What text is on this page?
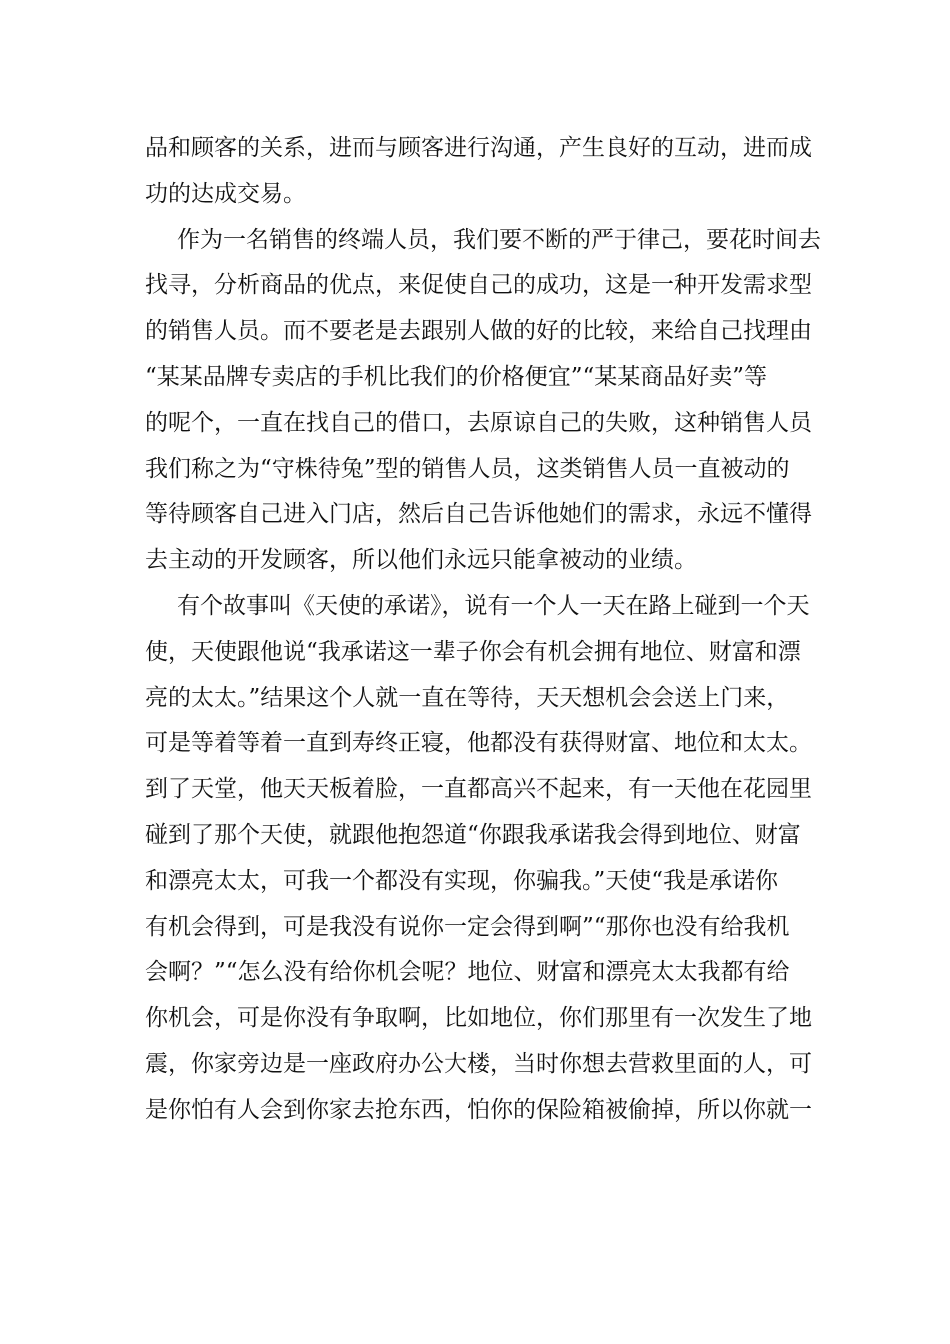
品和顾客的关系，进而与顾客进行沟通，产生良好的互动，进而成
功的达成交易。
作为一名销售的终端人员，我们要不断的严于律己，要花时间去
找寻，分析商品的优点，来促使自己的成功，这是一种开发需求型
的销售人员。而不要老是去跟别人做的好的比较，来给自己找理由
“某某品牌专卖店的手机比我们的价格便宜”“某某商品好卖”等
的呢个，一直在找自己的借口，去原谅自己的失败，这种销售人员
我们称之为“守株待兔”型的销售人员，这类销售人员一直被动的
等待顾客自己进入门店，然后自己告诉他她们的需求，永远不懂得
去主动的开发顾客，所以他们永远只能拿被动的业绩。
有个故事叫《天使的承诺》，说有一个人一天在路上碰到一个天
使，天使跟他说“我承诺这一辈子你会有机会拥有地位、财富和漂
亮的太太。”结果这个人就一直在等待，天天想机会会送上门来，
可是等着等着一直到寿终正寝，他都没有获得财富、地位和太太。
到了天堂，他天天板着脸，一直都高兴不起来，有一天他在花园里
碰到了那个天使，就跟他抱怨道“你跟我承诺我会得到地位、财富
和漂亮太太，可我一个都没有实现，你骗我。”天使“我是承诺你
有机会得到，可是我没有说你一定会得到啊”“那你也没有给我机
会啊？”“怎么没有给你机会呢？地位、财富和漂亮太太我都有给
你机会，可是你没有争取啊，比如地位，你们那里有一次发生了地
震，你家旁边是一座政府办公大楼，当时你想去营救里面的人，可
是你怕有人会到你家去抢东西，怕你的保险箱被偷掉，所以你就一
